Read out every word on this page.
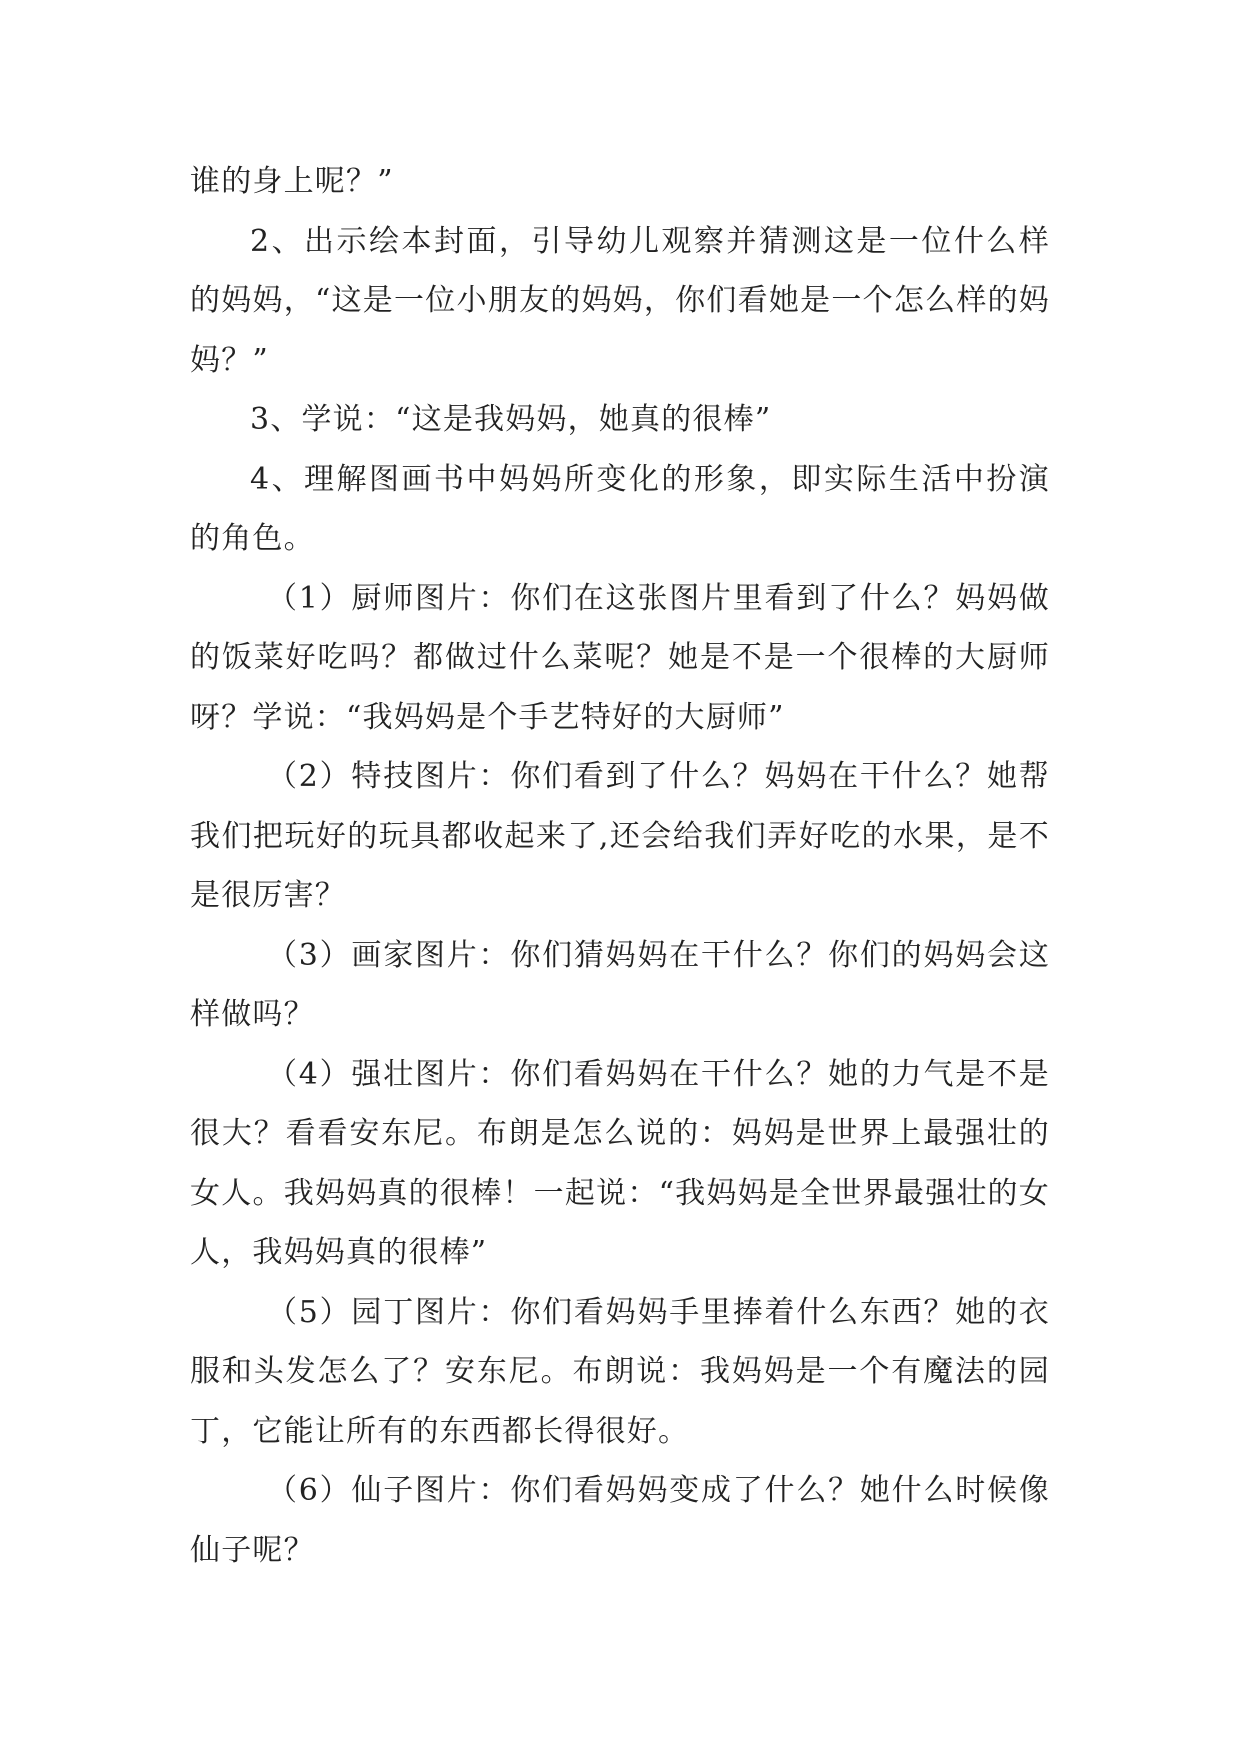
谁的身上呢？”

2、出示绘本封面，引导幼儿观察并猜测这是一位什么样的妈妈，“这是一位小朋友的妈妈，你们看她是一个怎么样的妈妈？”

3、学说：“这是我妈妈，她真的很棒”

4、理解图画书中妈妈所变化的形象，即实际生活中扮演的角色。

（1）厨师图片：你们在这张图片里看到了什么？妈妈做的饭菜好吃吗？都做过什么菜呢？她是不是一个很棒的大厨师呀？学说：“我妈妈是个手艺特好的大厨师”

（2）特技图片：你们看到了什么？妈妈在干什么？她帮我们把玩好的玩具都收起来了,还会给我们弄好吃的水果，是不是很厉害？

（3）画家图片：你们猜妈妈在干什么？你们的妈妈会这样做吗？

（4）强壮图片：你们看妈妈在干什么？她的力气是不是很大？看看安东尼。布朗是怎么说的：妈妈是世界上最强壮的女人。我妈妈真的很棒！一起说：“我妈妈是全世界最强壮的女人，我妈妈真的很棒”

（5）园丁图片：你们看妈妈手里捧着什么东西？她的衣服和头发怎么了？安东尼。布朗说：我妈妈是一个有魔法的园丁，它能让所有的东西都长得很好。

（6）仙子图片：你们看妈妈变成了什么？她什么时候像仙子呢？
